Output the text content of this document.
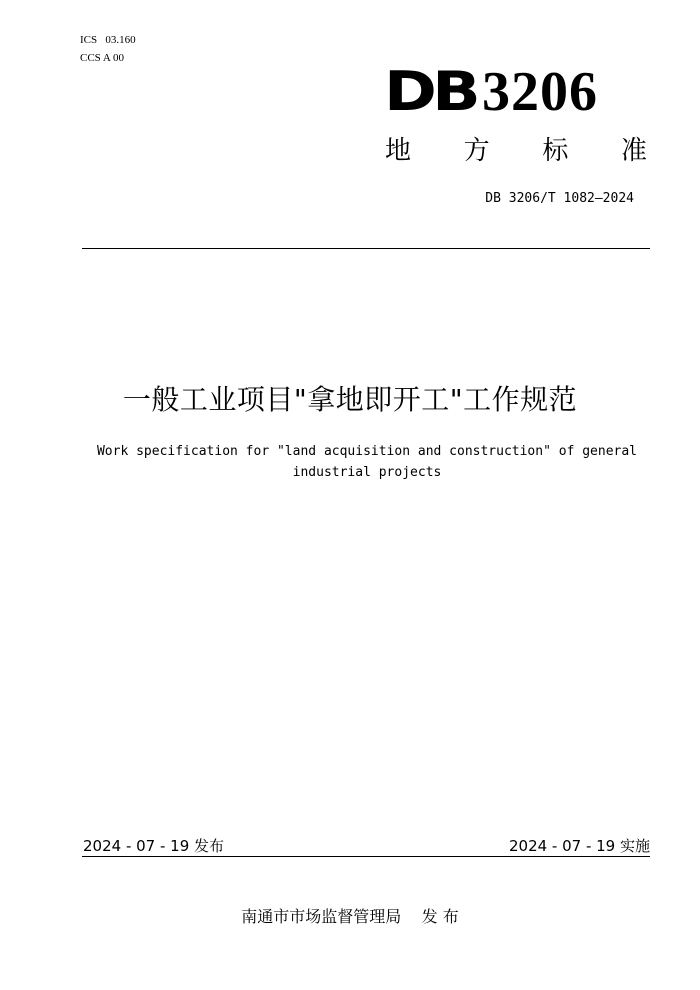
ICS   03.160
CCS A 00
DB 3206
地 方 标 准
DB 3206/T 1082—2024
一般工业项目"拿地即开工"工作规范
Work specification for "land acquisition and construction" of general industrial projects
2024 - 07 - 19 发布	2024 - 07 - 19 实施
南通市市场监督管理局    发 布
